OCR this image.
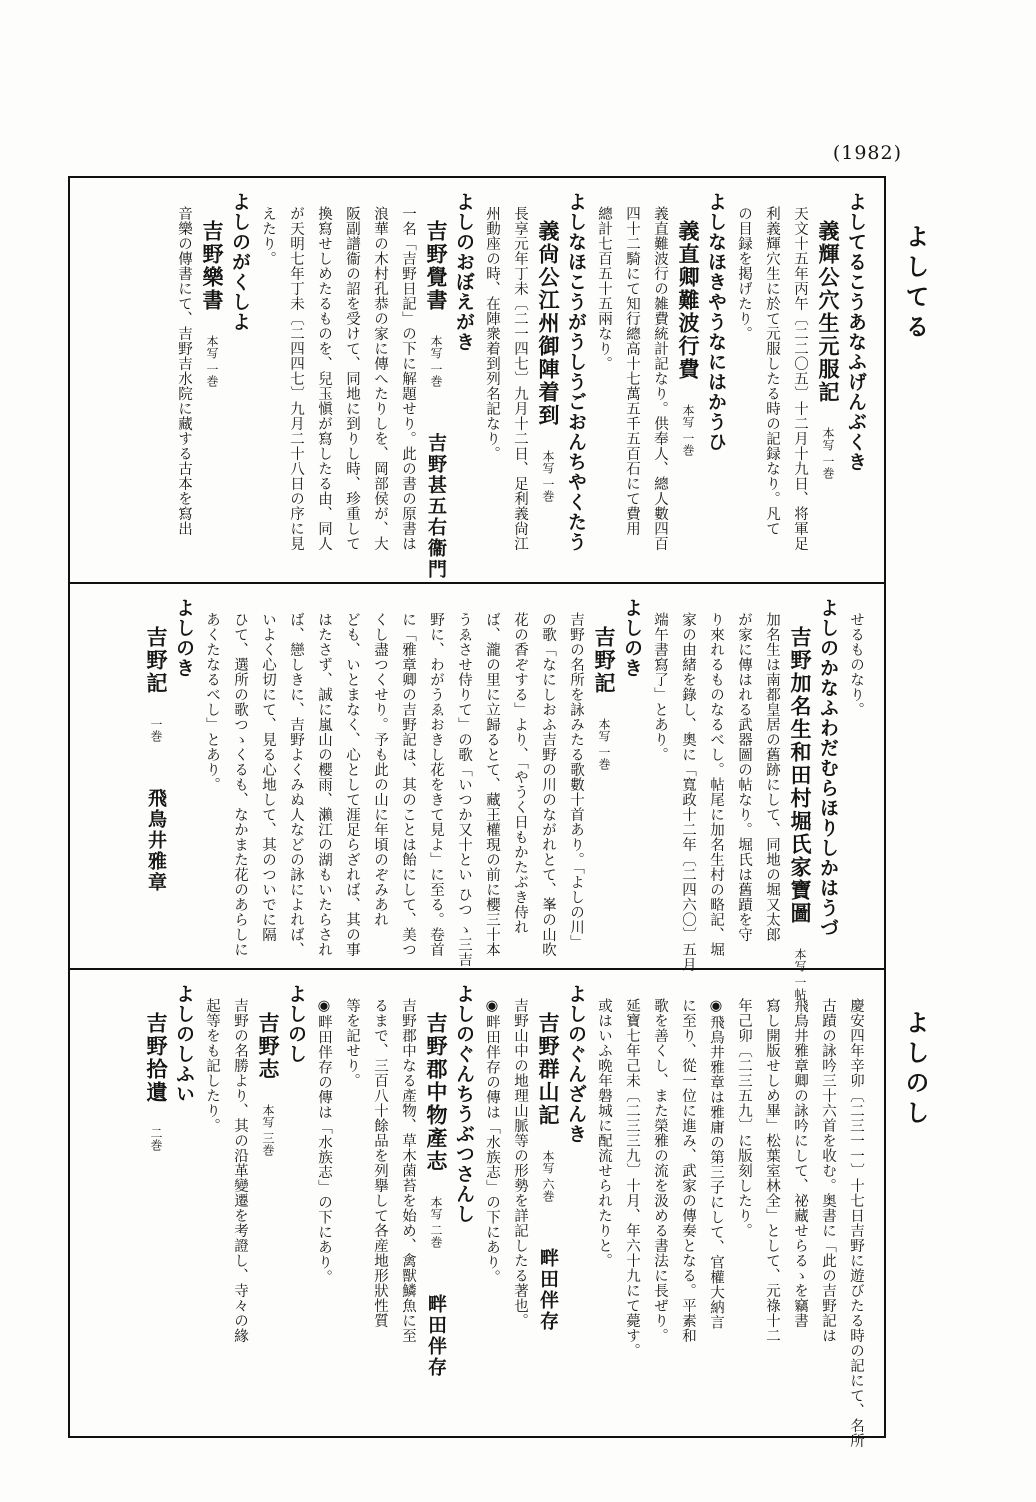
(1982)
よしてる
よしのし
よしてるこうあなふげんぶくき
義輝公穴生元服記　本写 一巻
天文十五年丙午〔二二〇五〕十二月十九日、将軍足
利義輝穴生に於て元服したる時の記録なり。凡て
の目録を掲げたり。
よしなほきやうなにはかうひ
義直卿難波行費　本写 一巻
義直難波行の雑費統計記なり。供奉人、總人數四百
四十二騎にて知行總高十七萬五千五百石にて費用
總計七百五十五兩なり。
よしなほこうがうしうごおんちやくたう
義尙公江州御陣着到　本写 一巻
長享元年丁未〔二一四七〕九月十二日、足利義尙江
州動座の時、在陣衆着到列名記なり。
よしのおぼえがき
吉野覺書　本写 一巻　　吉野甚五右衞門
一名「吉野日記」の下に解題せり。此の書の原書は
浪華の木村孔恭の家に傳へたりしを、岡部侯が、大
阪副譜衞の詔を受けて、同地に到りし時、珍重して
換寫せしめたるものを、兒玉愼が寫したる由、同人
が天明七年丁未〔二四四七〕九月二十八日の序に見
えたり。
よしのがくしよ
吉野樂書　本写 一巻
音樂の傳書にて、吉野吉水院に藏する古本を寫出
せるものなり。
よしのかなふわだむらほりしかはうづ
吉野加名生和田村堀氏家寶圖　本写 一帖
加名生は南都皇居の舊跡にして、同地の堀又太郎
が家に傳はれる武器圖の帖なり。堀氏は舊蹟を守
り來れるものなるべし。帖尾に加名生村の略記、堀
家の由緒を錄し、奧に「寬政十二年〔二四六〇〕五月
端午書寫了」とあり。
よしのき
吉野記　本写 一巻
吉野の名所を詠みたる歌數十首あり。「よしの川」
の歌「なにしおふ吉野の川のながれとて、峯の山吹
花の香ぞする」より、「やうく日もかたぶき侍れ
ば、瀧の里に立歸るとて、藏王權現の前に櫻三十本
うゑさせ侍りて」の歌「いつか又十とい ひつ ゝ三吉
野に、わがうゑおきし花をきて見よ」に至る。卷首
に「雅章卿の吉野記は、其のことは飴にして、美つ
くし盡つくせり。予も此の山に年頃のぞみあれ
ども、いとまなく、心として涯足らざれば、其の事
はたさず、誠に嵐山の櫻雨、瀨江の湖もいたらされ
ば、戀しきに、吉野よくみぬ人などの詠によれば、
いよく心切にて、見る心地して、其のついでに隔
ひて、選所の歌つゝくるも、なかまた花のあらしに
あくたなるべし」とあり。
よしのき
吉野記　一巻　　飛鳥井雅章
慶安四年辛卯〔二三一一〕十七日吉野に遊びたる時の記にて、名所
古蹟の詠吟三十六首を收む。奥書に「此の吉野記は
飛鳥井雅章卿の詠吟にして、祕藏せらるゝを竊書
寫し開版せしめ畢」松葉室林全」として、元祿十二
年己卯〔二三五九〕に版刻したり。
◉飛鳥井雅章は雅庸の第三子にして、官權大納言
に至り、從一位に進み、武家の傳奏となる。平素和
歌を善くし、また榮雅の流を汲める書法に長ぜり。
延寶七年己未〔二三三九〕十月、年六十九にて薨す。
或はいふ晩年磐城に配流せられたりと。
よしのぐんざんき
吉野群山記　本写 六巻　　畔田伴存
吉野山中の地理山脈等の形勢を詳記したる著也。
◉畔田伴存の傳は「水族志」の下にあり。
よしのぐんちうぶつさんし
吉野郡中物產志　本写 二巻　　畔田伴存
吉野郡中なる產物、草木菌苔を始め、禽獸鱗魚に至
るまで、三百八十餘品を列擧して各産地形狀性質
等を記せり。
◉畔田伴存の傳は「水族志」の下にあり。
よしのし
吉野志　本写 三巻
吉野の名勝より、其の沿革變遷を考證し、寺々の緣
起等をも記したり。
よしのしふい
吉野拾遺　二巻
